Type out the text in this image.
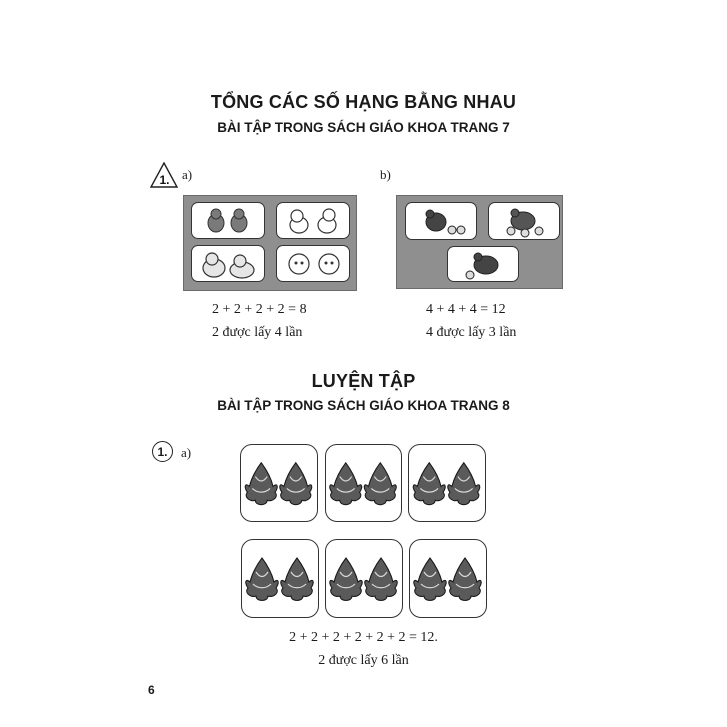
TỔNG CÁC SỐ HẠNG BẰNG NHAU
BÀI TẬP TRONG SÁCH GIÁO KHOA TRANG 7
1. a)	b)
2 + 2 + 2 + 2 = 8
2 được lấy 4 lần
4 + 4 + 4 = 12
4 được lấy 3 lần
LUYỆN TẬP
BÀI TẬP TRONG SÁCH GIÁO KHOA TRANG 8
1.	a)
2 + 2 + 2 + 2 + 2 + 2 = 12.
2 được lấy 6 lần
6
